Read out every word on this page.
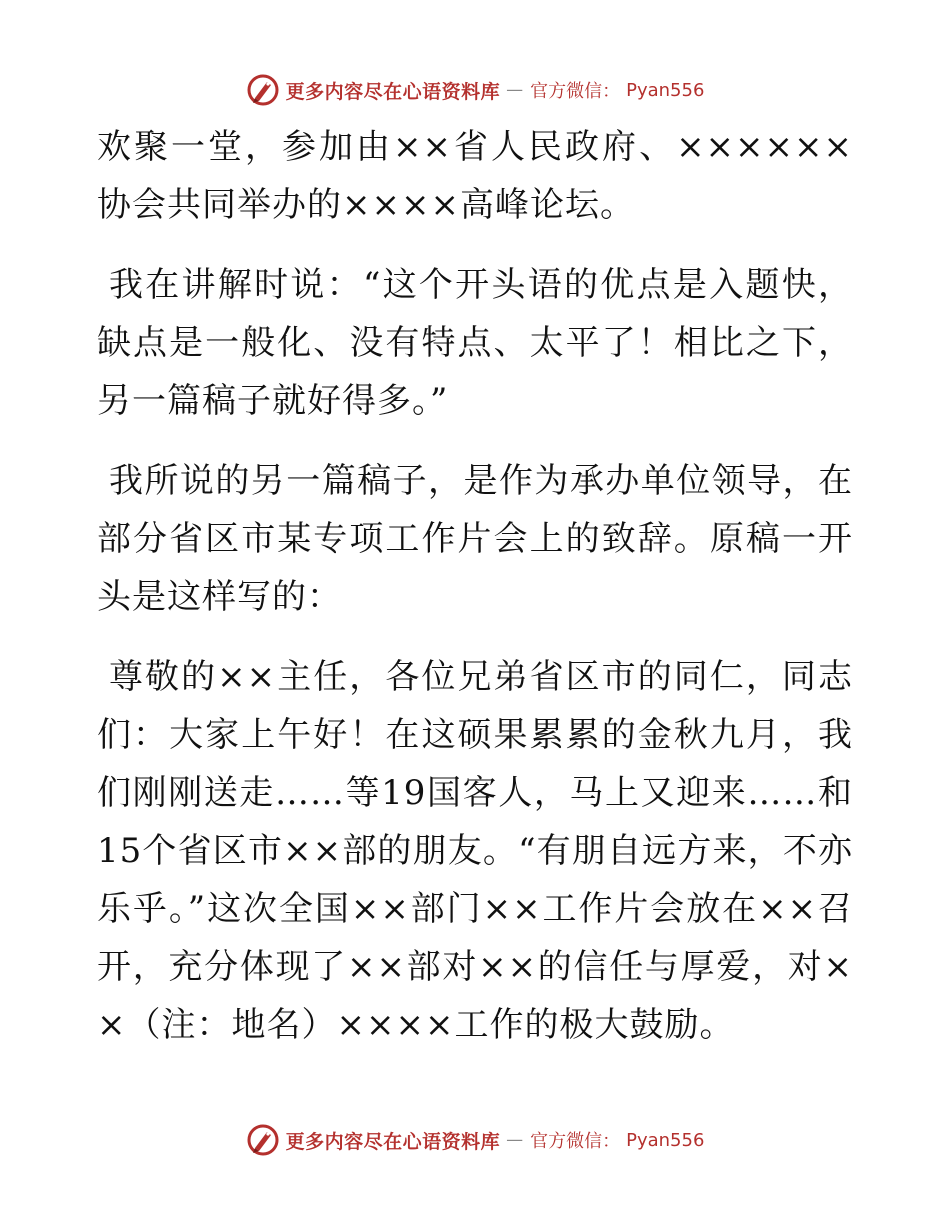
更多内容尽在心语资料库 — 官方微信： Pyan556

欢聚一堂，参加由××省人民政府、××××××协会共同举办的××××高峰论坛。

我在讲解时说：“这个开头语的优点是入题快，缺点是一般化、没有特点、太平了！相比之下，另一篇稿子就好得多。”

我所说的另一篇稿子，是作为承办单位领导，在部分省区市某专项工作片会上的致辞。原稿一开头是这样写的：

尊敬的××主任，各位兄弟省区市的同仁，同志们：大家上午好！在这硕果累累的金秋九月，我们刚刚送走……等19国客人，马上又迎来……和15个省区市××部的朋友。“有朋自远方来，不亦乐乎。”这次全国××部门××工作片会放在××召开，充分体现了××部对××的信任与厚爱，对××（注：地名）××××工作的极大鼓励。

更多内容尽在心语资料库 — 官方微信： Pyan556
